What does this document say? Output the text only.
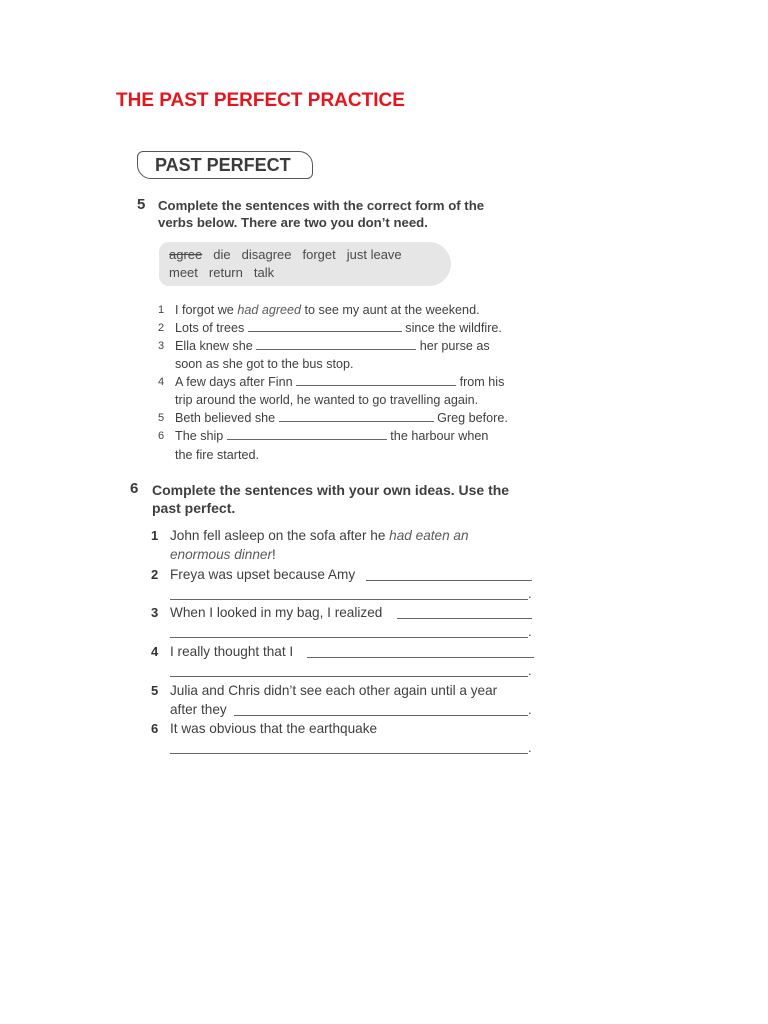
THE PAST PERFECT PRACTICE
PAST PERFECT
5 Complete the sentences with the correct form of the
verbs below. There are two you don’t need.
agree die disagree forget just leave
meet return talk
1 I forgot we had agreed to see my aunt at the weekend.
2 Lots of trees	since the wildfire.
3 Ella knew she	her purse as
soon as she got to the bus stop.
4 A few days after Finn	from his
trip around the world, he wanted to go travelling again.
5 Beth believed she	Greg before.
6 The ship	the harbour when
the fire started.
6 Complete the sentences with your own ideas. Use the
past perfect.
1 John fell asleep on the sofa after he had eaten an
enormous dinner!
2 Freya was upset because Amy
.
3 When I looked in my bag, I realized
.
4 I really thought that I
.
5 Julia and Chris didn’t see each other again until a year
after they	.
6 It was obvious that the earthquake
.
